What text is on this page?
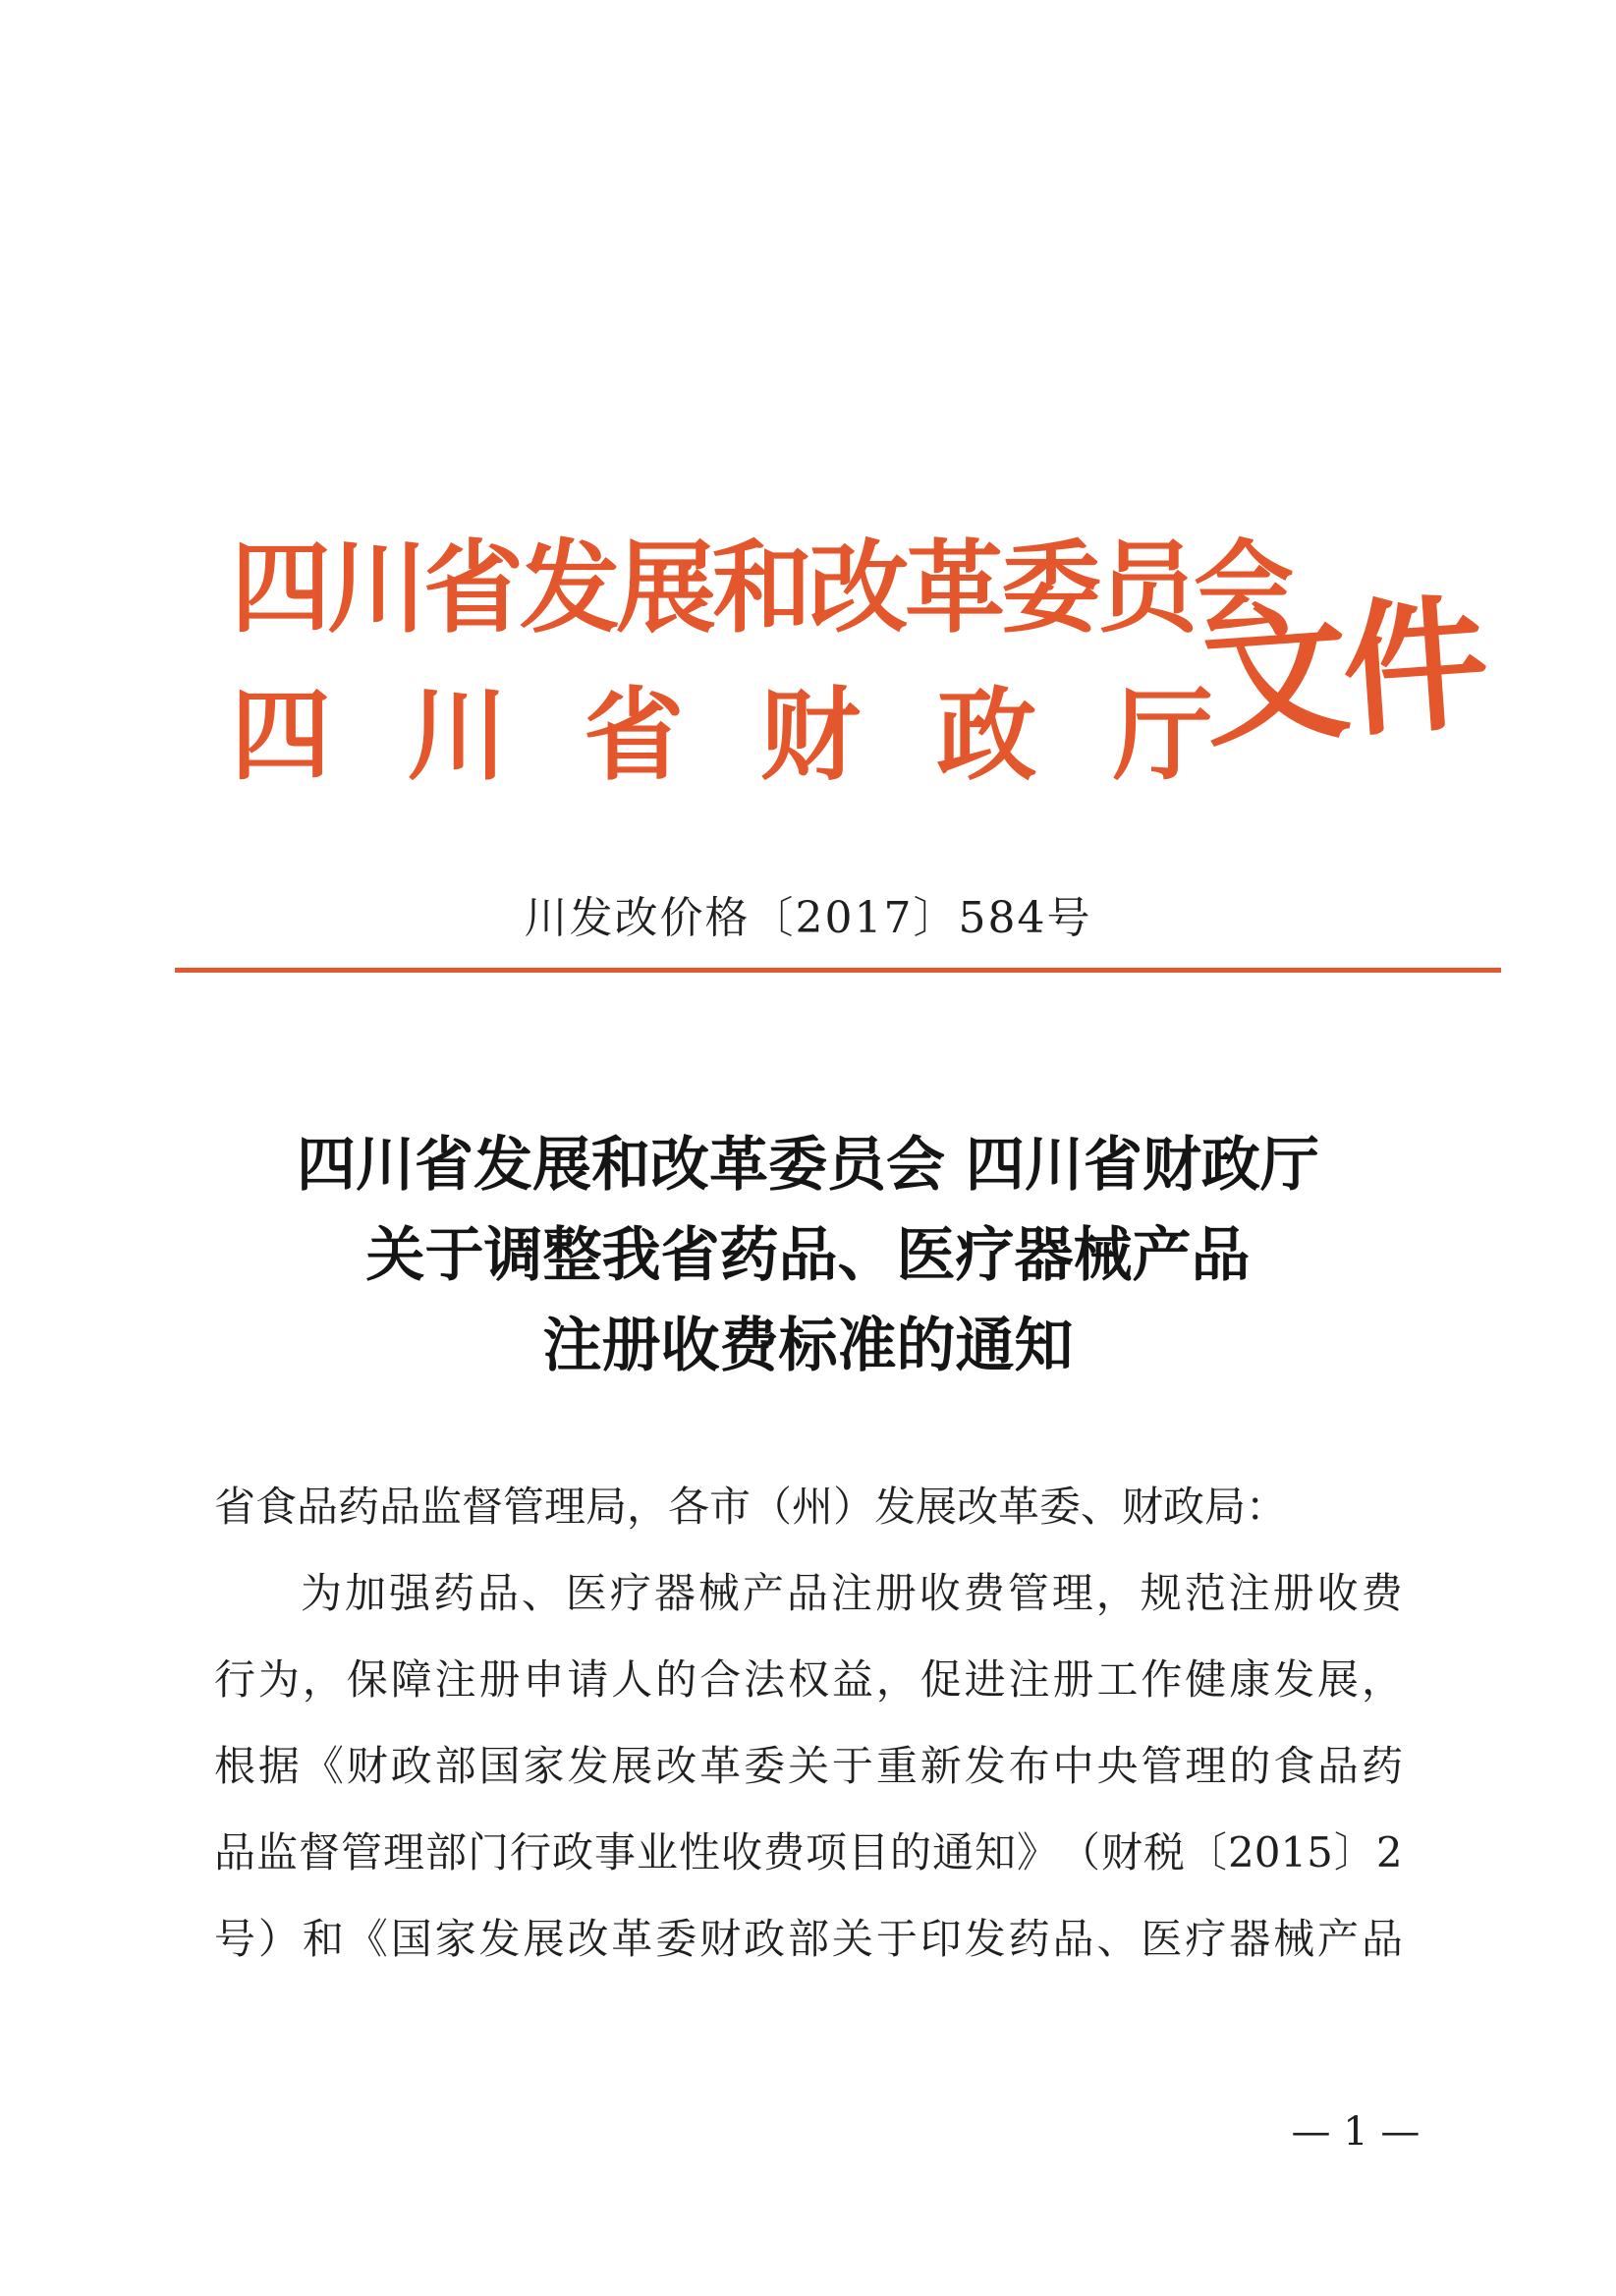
四川省发展和改革委员会
四 川 省 财 政 厅
文件
川发改价格〔2017〕584号
四川省发展和改革委员会 四川省财政厅
关于调整我省药品、医疗器械产品
注册收费标准的通知
省食品药品监督管理局，各市（州）发展改革委、财政局：
为 加 强 药 品 、 医 疗 器 械 产 品 注 册 收 费 管 理 ， 规 范 注 册 收 费
行 为 ， 保 障 注 册 申 请 人 的 合 法 权 益 ， 促 进 注 册 工 作 健 康 发 展 ，
根 据 《 财 政 部 国 家 发 展 改 革 委 关 于 重 新 发 布 中 央 管 理 的 食 品 药
品 监 督 管 理 部 门 行 政 事 业 性 收 费 项 目 的 通 知 》 （ 财 税 〔 2015 〕 2
号 ） 和 《 国 家 发 展 改 革 委 财 政 部 关 于 印 发 药 品 、 医 疗 器 械 产 品
— 1 —
